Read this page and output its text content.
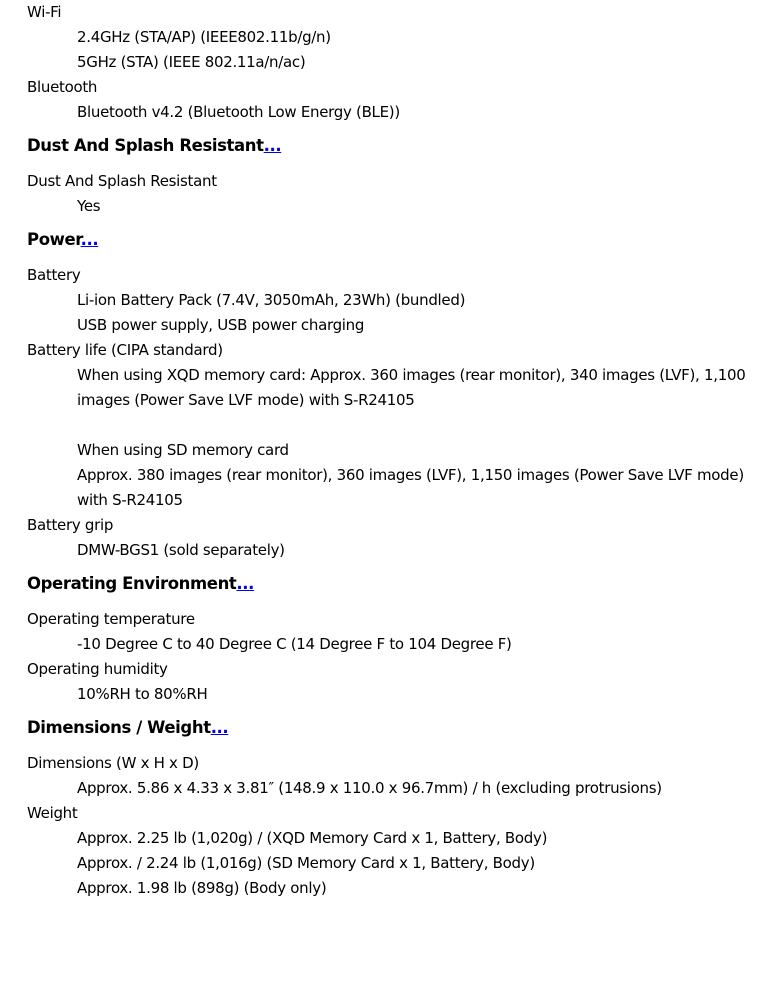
Wi-Fi
2.4GHz (STA/AP) (IEEE802.11b/g/n)
5GHz (STA) (IEEE 802.11a/n/ac)
Bluetooth
Bluetooth v4.2 (Bluetooth Low Energy (BLE))
Dust And Splash Resistant...
Dust And Splash Resistant
Yes
Power...
Battery
Li-ion Battery Pack (7.4V, 3050mAh, 23Wh) (bundled)
USB power supply, USB power charging
Battery life (CIPA standard)
When using XQD memory card: Approx. 360 images (rear monitor), 340 images (LVF), 1,100 images (Power Save LVF mode) with S-R24105
When using SD memory card
Approx. 380 images (rear monitor), 360 images (LVF), 1,150 images (Power Save LVF mode) with S-R24105
Battery grip
DMW-BGS1 (sold separately)
Operating Environment...
Operating temperature
-10 Degree C to 40 Degree C (14 Degree F to 104 Degree F)
Operating humidity
10%RH to 80%RH
Dimensions / Weight...
Dimensions (W x H x D)
Approx. 5.86 x 4.33 x 3.81″ (148.9 x 110.0 x 96.7mm) / h (excluding protrusions)
Weight
Approx. 2.25 lb (1,020g) / (XQD Memory Card x 1, Battery, Body)
Approx. / 2.24 lb (1,016g) (SD Memory Card x 1, Battery, Body)
Approx. 1.98 lb (898g) (Body only)
